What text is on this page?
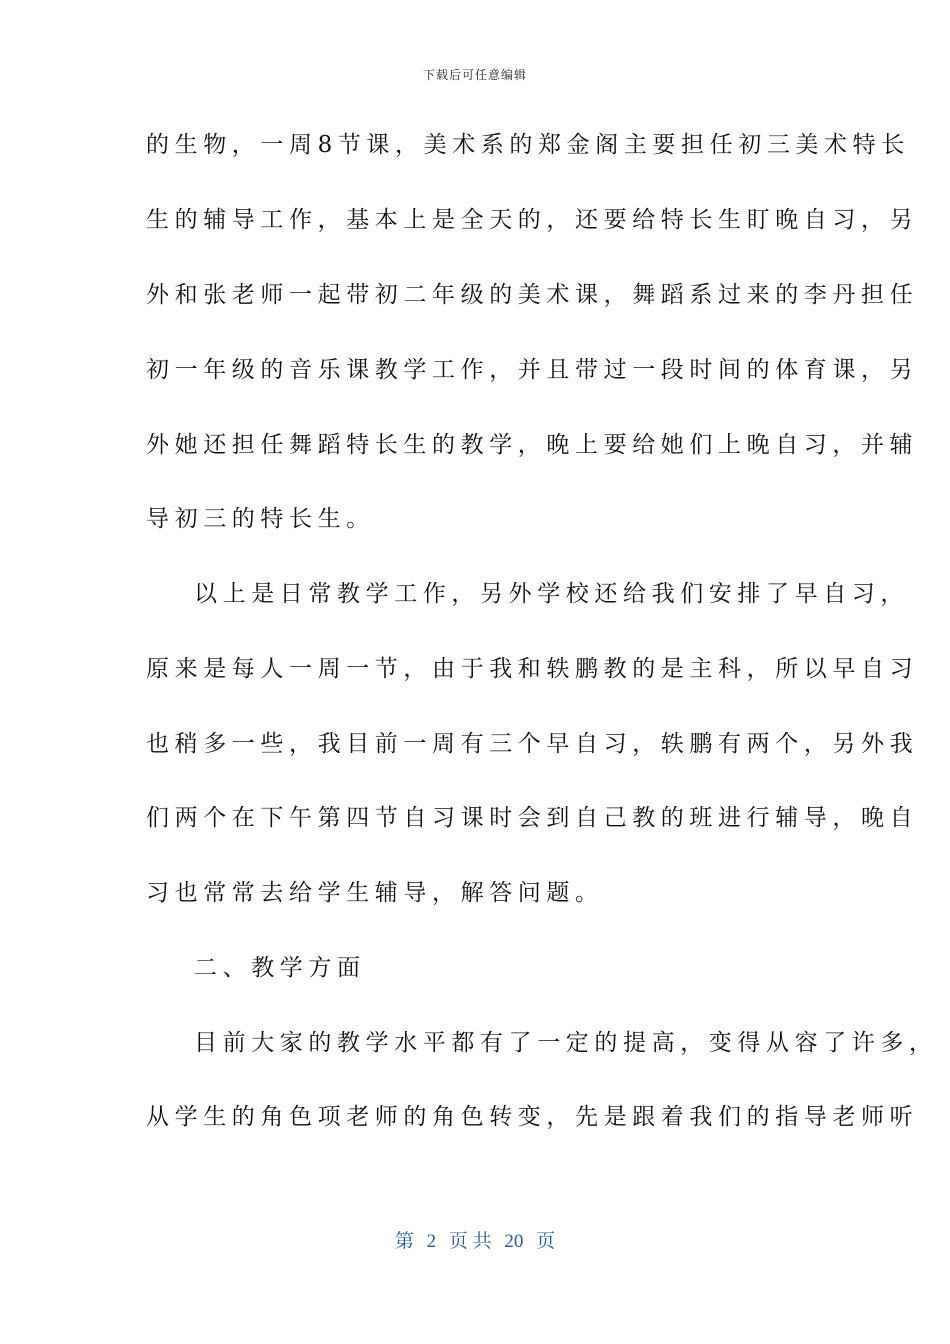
下载后可任意编辑
的生物，一周8节课，美术系的郑金阁主要担任初三美术特长
生的辅导工作，基本上是全天的，还要给特长生盯晚自习，另
外和张老师一起带初二年级的美术课，舞蹈系过来的李丹担任
初一年级的音乐课教学工作，并且带过一段时间的体育课，另
外她还担任舞蹈特长生的教学，晚上要给她们上晚自习，并辅
导初三的特长生。
以上是日常教学工作，另外学校还给我们安排了早自习，
原来是每人一周一节，由于我和轶鹏教的是主科，所以早自习
也稍多一些，我目前一周有三个早自习，轶鹏有两个，另外我
们两个在下午第四节自习课时会到自己教的班进行辅导，晚自
习也常常去给学生辅导，解答问题。
二、教学方面
目前大家的教学水平都有了一定的提高，变得从容了许多，
从学生的角色项老师的角色转变，先是跟着我们的指导老师听
第 2 页 共 20 页
